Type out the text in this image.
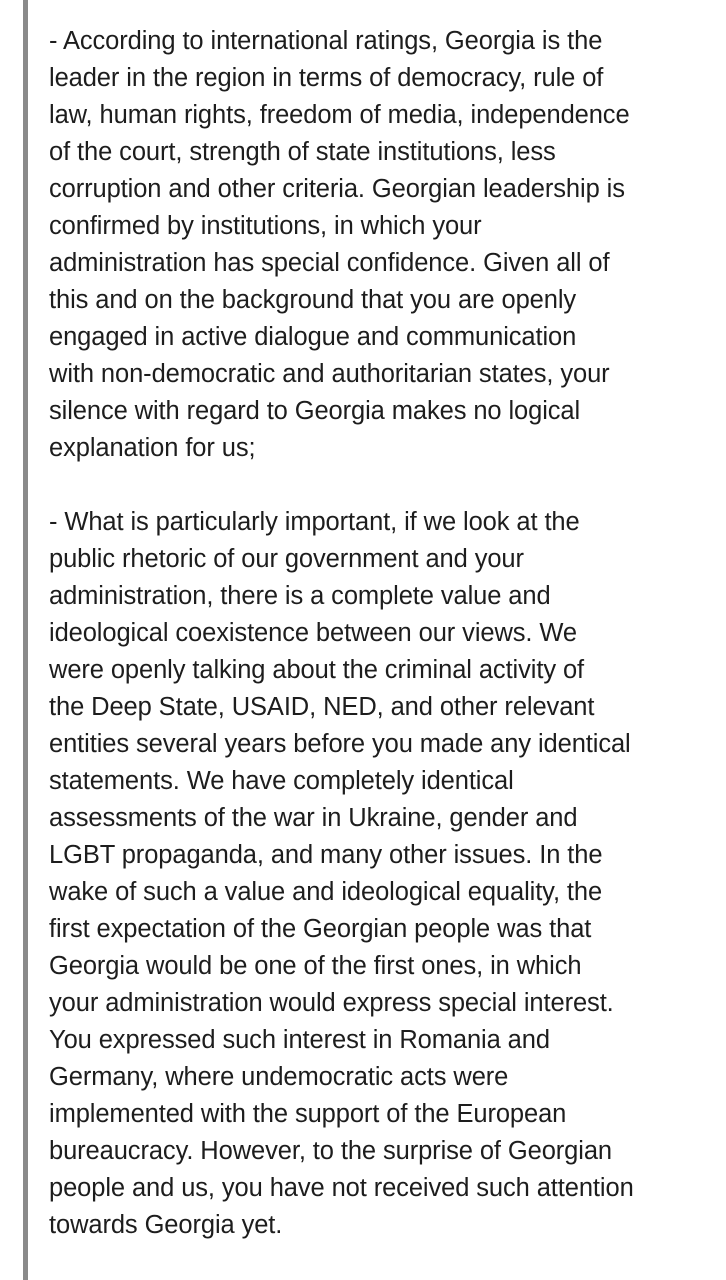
- According to international ratings, Georgia is the
leader in the region in terms of democracy, rule of
law, human rights, freedom of media, independence
of the court, strength of state institutions, less
corruption and other criteria. Georgian leadership is
confirmed by institutions, in which your
administration has special confidence. Given all of
this and on the background that you are openly
engaged in active dialogue and communication
with non-democratic and authoritarian states, your
silence with regard to Georgia makes no logical
explanation for us;

- What is particularly important, if we look at the
public rhetoric of our government and your
administration, there is a complete value and
ideological coexistence between our views. We
were openly talking about the criminal activity of
the Deep State, USAID, NED, and other relevant
entities several years before you made any identical
statements. We have completely identical
assessments of the war in Ukraine, gender and
LGBT propaganda, and many other issues. In the
wake of such a value and ideological equality, the
first expectation of the Georgian people was that
Georgia would be one of the first ones, in which
your administration would express special interest.
You expressed such interest in Romania and
Germany, where undemocratic acts were
implemented with the support of the European
bureaucracy. However, to the surprise of Georgian
people and us, you have not received such attention
towards Georgia yet.
